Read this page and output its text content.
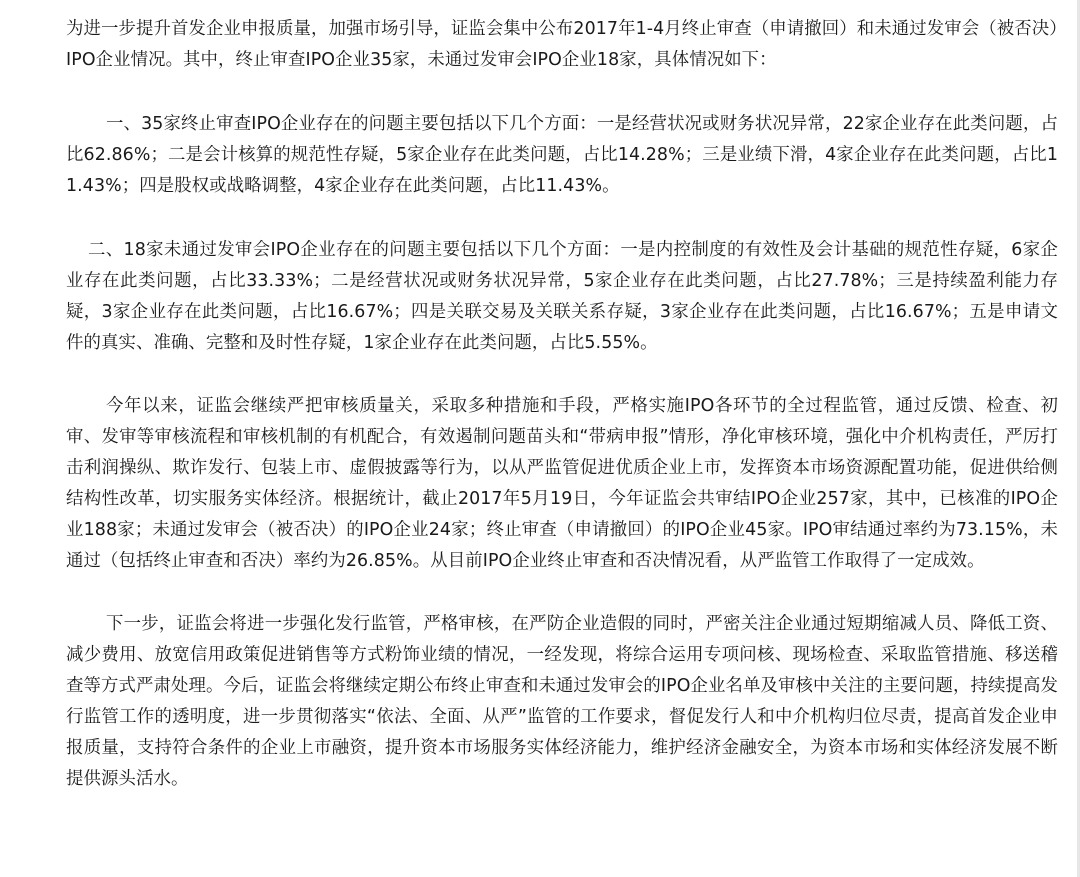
为进一步提升首发企业申报质量，加强市场引导，证监会集中公布2017年1-4月终止审查（申请撤回）和未通过发审会（被否决）IPO企业情况。其中，终止审查IPO企业35家，未通过发审会IPO企业18家，具体情况如下：

一、35家终止审查IPO企业存在的问题主要包括以下几个方面：一是经营状况或财务状况异常，22家企业存在此类问题，占比62.86%；二是会计核算的规范性存疑，5家企业存在此类问题，占比14.28%；三是业绩下滑，4家企业存在此类问题，占比11.43%；四是股权或战略调整，4家企业存在此类问题，占比11.43%。

二、18家未通过发审会IPO企业存在的问题主要包括以下几个方面：一是内控制度的有效性及会计基础的规范性存疑，6家企业存在此类问题，占比33.33%；二是经营状况或财务状况异常，5家企业存在此类问题，占比27.78%；三是持续盈利能力存疑，3家企业存在此类问题，占比16.67%；四是关联交易及关联关系存疑，3家企业存在此类问题，占比16.67%；五是申请文件的真实、准确、完整和及时性存疑，1家企业存在此类问题，占比5.55%。

今年以来，证监会继续严把审核质量关，采取多种措施和手段，严格实施IPO各环节的全过程监管，通过反馈、检查、初审、发审等审核流程和审核机制的有机配合，有效遏制问题苗头和“带病申报”情形，净化审核环境，强化中介机构责任，严厉打击利润操纵、欺诈发行、包装上市、虚假披露等行为，以从严监管促进优质企业上市，发挥资本市场资源配置功能，促进供给侧结构性改革，切实服务实体经济。根据统计，截止2017年5月19日，今年证监会共审结IPO企业257家，其中，已核准的IPO企业188家；未通过发审会（被否决）的IPO企业24家；终止审查（申请撤回）的IPO企业45家。IPO审结通过率约为73.15%，未通过（包括终止审查和否决）率约为26.85%。从目前IPO企业终止审查和否决情况看，从严监管工作取得了一定成效。

下一步，证监会将进一步强化发行监管，严格审核，在严防企业造假的同时，严密关注企业通过短期缩减人员、降低工资、减少费用、放宽信用政策促进销售等方式粉饰业绩的情况，一经发现，将综合运用专项问核、现场检查、采取监管措施、移送稽查等方式严肃处理。今后，证监会将继续定期公布终止审查和未通过发审会的IPO企业名单及审核中关注的主要问题，持续提高发行监管工作的透明度，进一步贯彻落实“依法、全面、从严”监管的工作要求，督促发行人和中介机构归位尽责，提高首发企业申报质量，支持符合条件的企业上市融资，提升资本市场服务实体经济能力，维护经济金融安全，为资本市场和实体经济发展不断提供源头活水。
